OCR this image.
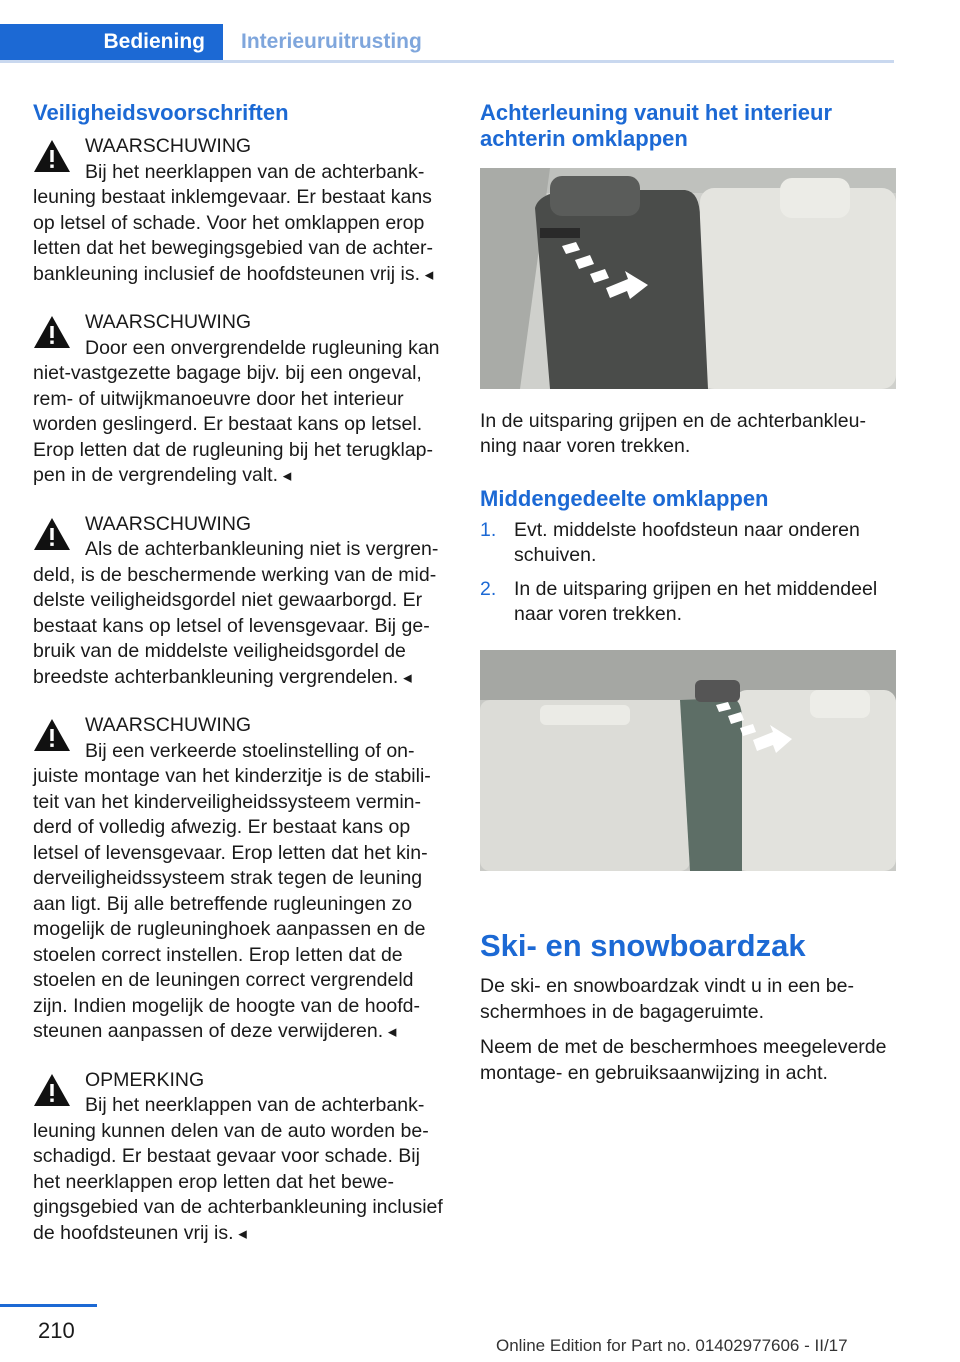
Bediening	Interieuruitrusting
Veiligheidsvoorschriften
WAARSCHUWING
Bij het neerklappen van de achterbankleuning bestaat inklemgevaar. Er bestaat kans op letsel of schade. Voor het omklappen erop letten dat het bewegingsgebied van de achterbankleuning inclusief de hoofdsteunen vrij is. ◂
WAARSCHUWING
Door een onvergrendelde rugleuning kan niet-vastgezette bagage bijv. bij een ongeval, rem- of uitwijkmanoeuvre door het interieur worden geslingerd. Er bestaat kans op letsel. Erop letten dat de rugleuning bij het terugklappen in de vergrendeling valt. ◂
WAARSCHUWING
Als de achterbankleuning niet is vergrendeld, is de beschermende werking van de middelste veiligheidsgordel niet gewaarborgd. Er bestaat kans op letsel of levensgevaar. Bij gebruik van de middelste veiligheidsgordel de breedste achterbankleuning vergrendelen. ◂
WAARSCHUWING
Bij een verkeerde stoelinstelling of onjuiste montage van het kinderzitje is de stabiliteit van het kinderveiligheidssysteem verminderd of volledig afwezig. Er bestaat kans op letsel of levensgevaar. Erop letten dat het kinderveiligheidssysteem strak tegen de leuning aan ligt. Bij alle betreffende rugleuningen zo mogelijk de rugleuninghoek aanpassen en de stoelen correct instellen. Erop letten dat de stoelen en de leuningen correct vergrendeld zijn. Indien mogelijk de hoogte van de hoofdsteunen aanpassen of deze verwijderen. ◂
OPMERKING
Bij het neerklappen van de achterbankleuning kunnen delen van de auto worden beschadigd. Er bestaat gevaar voor schade. Bij het neerklappen erop letten dat het bewegingsgebied van de achterbankleuning inclusief de hoofdsteunen vrij is. ◂
Achterleuning vanuit het interieur achterin omklappen

In de uitsparing grijpen en de achterbankleuning naar voren trekken.

Middengedeelte omklappen
1. Evt. middelste hoofdsteun naar onderen schuiven.
2. In de uitsparing grijpen en het middendeel naar voren trekken.
Ski- en snowboardzak

De ski- en snowboardzak vindt u in een beschermhoes in de bagageruimte.

Neem de met de beschermhoes meegeleverde montage- en gebruiksaanwijzing in acht.

210
Online Edition for Part no. 01402977606 - II/17
